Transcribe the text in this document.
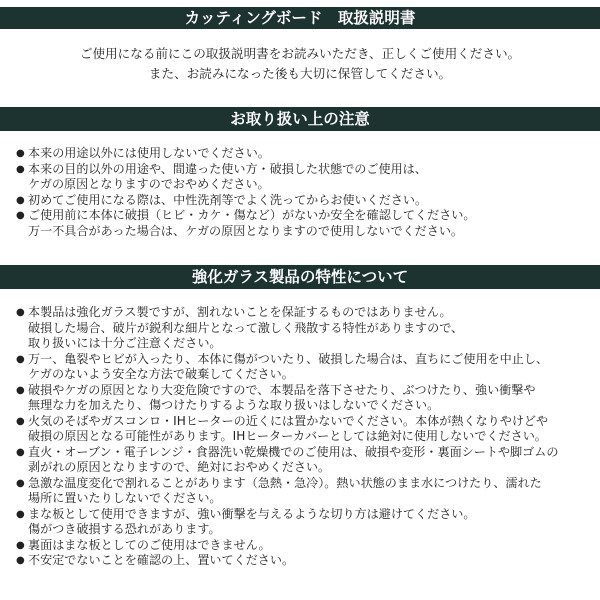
カッティングボード　取扱説明書

ご使用になる前にこの取扱説明書をお読みいただき、正しくご使用ください。

また、お読みになった後も大切に保管してください。

お取り扱い上の注意
● 本来の用途以外には使用しないでください。
● 本来の目的以外の用途や、間違った使い方・破損した状態でのご使用は、
ケガの原因となりますのでおやめください。
● 初めてご使用になる際は、中性洗剤等でよく洗ってからお使いください。
● ご使用前に本体に破損（ヒビ・カケ・傷など）がないか安全を確認してください。
万一不具合があった場合は、ケガの原因となりますので使用しないでください。
強化ガラス製品の特性について
● 本製品は強化ガラス製ですが、割れないことを保証するものではありません。
破損した場合、破片が鋭利な細片となって激しく飛散する特性がありますので、
取り扱いには十分ご注意ください。
● 万一、亀裂やヒビが入ったり、本体に傷がついたり、破損した場合は、直ちにご使用を中止し、
ケガのないよう安全な方法で破棄してください。
● 破損やケガの原因となり大変危険ですので、本製品を落下させたり、ぶつけたり、強い衝撃や
無理な力を加えたり、傷つけたりするような取り扱いはしないでください。
● 火気のそばやガスコンロ・IHヒーターの近くには置かないでください。本体が熱くなりやけどや
破損の原因となる可能性があります。IHヒーターカバーとしては絶対に使用しないでください。
● 直火・オーブン・電子レンジ・食器洗い乾燥機でのご使用は、破損や変形・裏面シートや脚ゴムの
剥がれの原因となりますので、絶対におやめください。
● 急激な温度変化で割れることがあります（急熱・急冷）。熱い状態のまま水につけたり、濡れた
場所に置いたりしないでください。
● まな板として使用できますが、強い衝撃を与えるような切り方は避けてください。
傷がつき破損する恐れがあります。
● 裏面はまな板としてのご使用はできません。
● 不安定でないことを確認の上、置いてください。
